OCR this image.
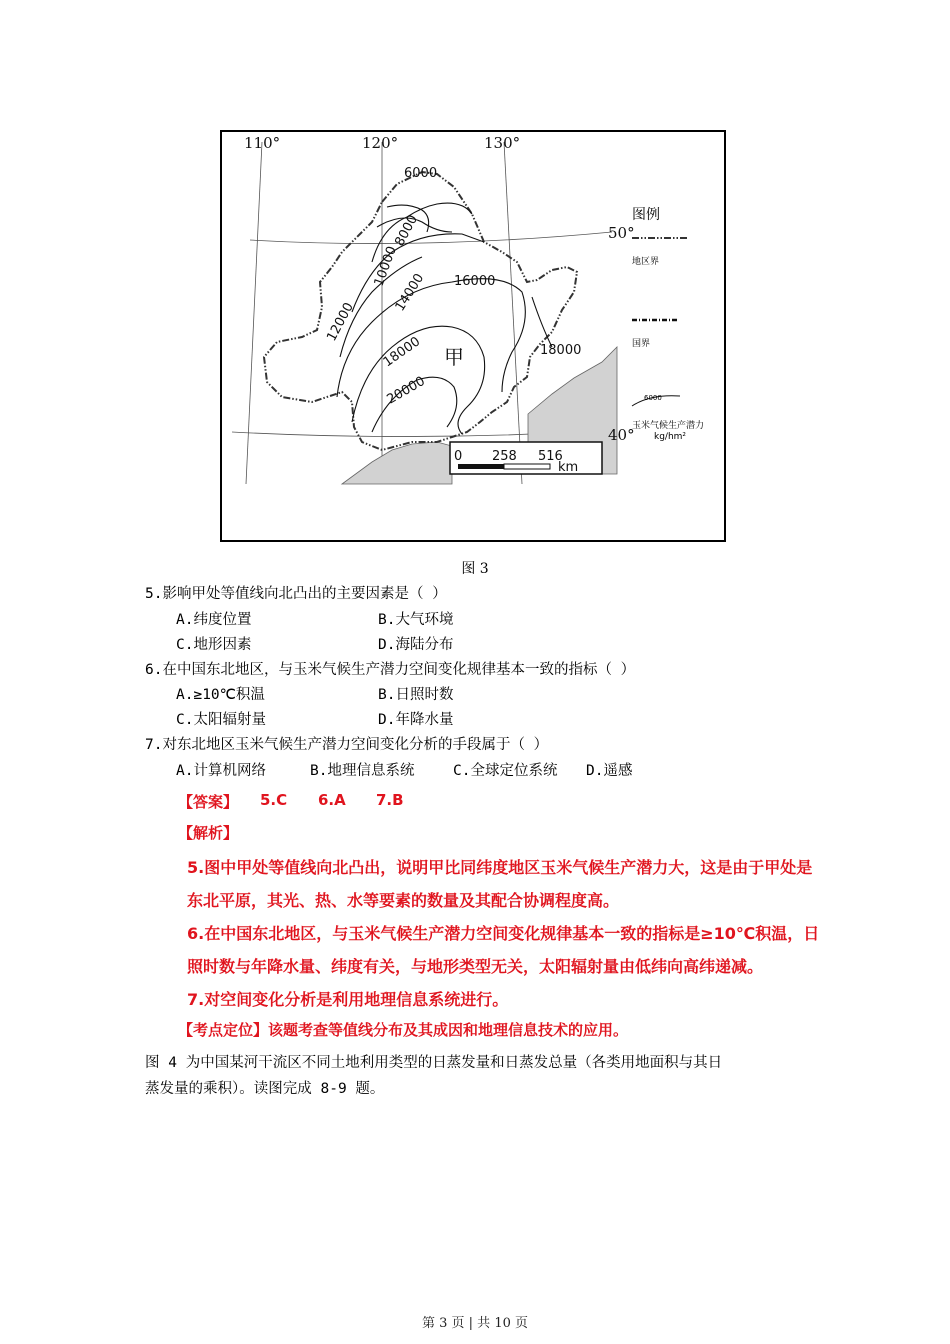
6000
8000
10000
12000
14000 16000
18000
20000
18000
甲
110°	120°	130°
50°
40°
0 258 516
km
图例
地区界
国界
6000
玉米气候生产潜力
kg/hm²
图 3
5.影响甲处等值线向北凸出的主要因素是（ ）
A.纬度位置	B.大气环境
C.地形因素	D.海陆分布
6.在中国东北地区，与玉米气候生产潜力空间变化规律基本一致的指标（ ）
A.≥10℃积温	B.日照时数
C.太阳辐射量	D.年降水量
7.对东北地区玉米气候生产潜力空间变化分析的手段属于（ ）
A.计算机网络	B.地理信息系统	C.全球定位系统 D.遥感
【答案】 5.C 6.A 7.B
【解析】
5.图中甲处等值线向北凸出，说明甲比同纬度地区玉米气候生产潜力大，这是由于甲处是
东北平原，其光、热、水等要素的数量及其配合协调程度高。
6.在中国东北地区，与玉米气候生产潜力空间变化规律基本一致的指标是≥10℃积温，日
照时数与年降水量、纬度有关，与地形类型无关，太阳辐射量由低纬向高纬递减。
7.对空间变化分析是利用地理信息系统进行。
【考点定位】该题考查等值线分布及其成因和地理信息技术的应用。
图 4 为中国某河干流区不同土地利用类型的日蒸发量和日蒸发总量（各类用地面积与其日
蒸发量的乘积）。读图完成 8-9 题。
第 3 页 | 共 10 页
